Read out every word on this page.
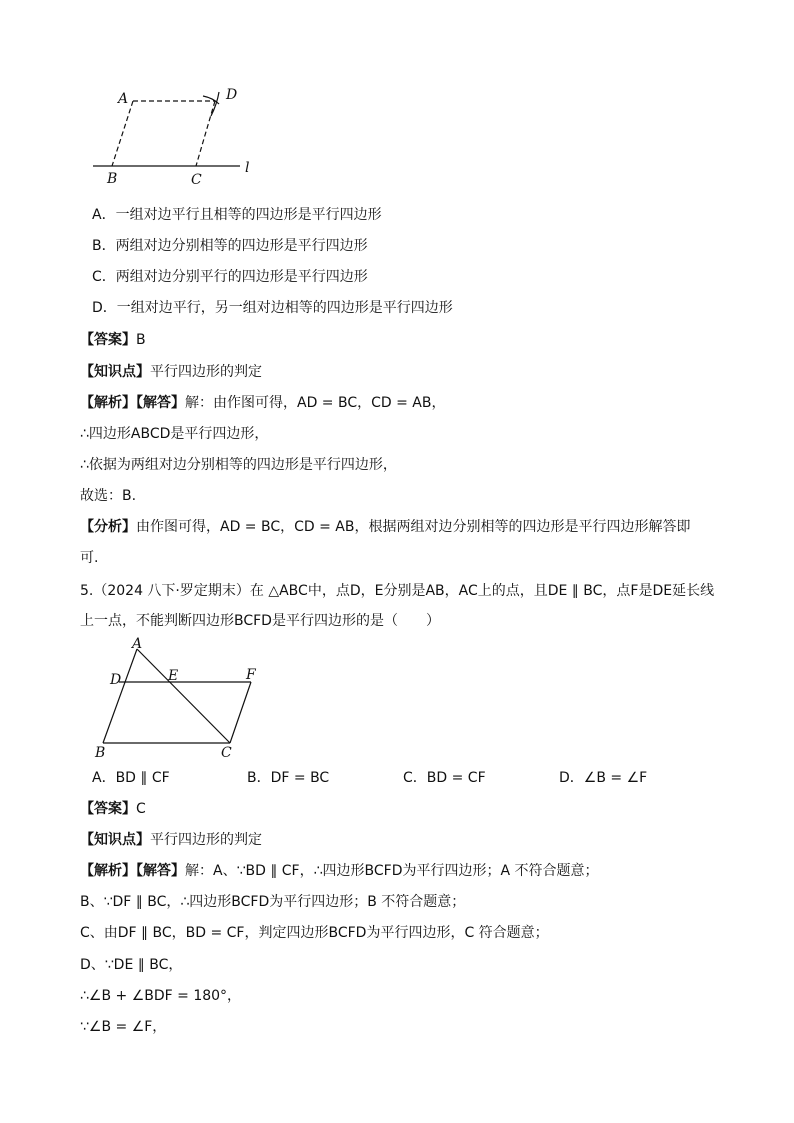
A	D
B	C
l
A．一组对边平行且相等的四边形是平行四边形
B．两组对边分别相等的四边形是平行四边形
C．两组对边分别平行的四边形是平行四边形
D．一组对边平行，另一组对边相等的四边形是平行四边形
【答案】B
【知识点】平行四边形的判定
【解析】【解答】解：由作图可得，AD = BC，CD = AB，
∴四边形ABCD是平行四边形，
∴依据为两组对边分别相等的四边形是平行四边形，
故选：B.
【分析】由作图可得，AD = BC，CD = AB，根据两组对边分别相等的四边形是平行四边形解答即
可.
5.（2024 八下·罗定期末）在 △ABC中，点D，E分别是AB，AC上的点，且DE ∥ BC，点F是DE延长线
上一点，不能判断四边形BCFD是平行四边形的是（　　）
A
D	E	F
B	C
A．BD ∥ CF	B．DF = BC	C．BD = CF	D．∠B = ∠F
【答案】C
【知识点】平行四边形的判定
【解析】【解答】解：A、∵BD ∥ CF，∴四边形BCFD为平行四边形；A 不符合题意；
B、∵DF ∥ BC，∴四边形BCFD为平行四边形；B 不符合题意；
C、由DF ∥ BC，BD = CF，判定四边形BCFD为平行四边形，C 符合题意；
D、∵DE ∥ BC，
∴∠B + ∠BDF = 180°，
∵∠B = ∠F，
